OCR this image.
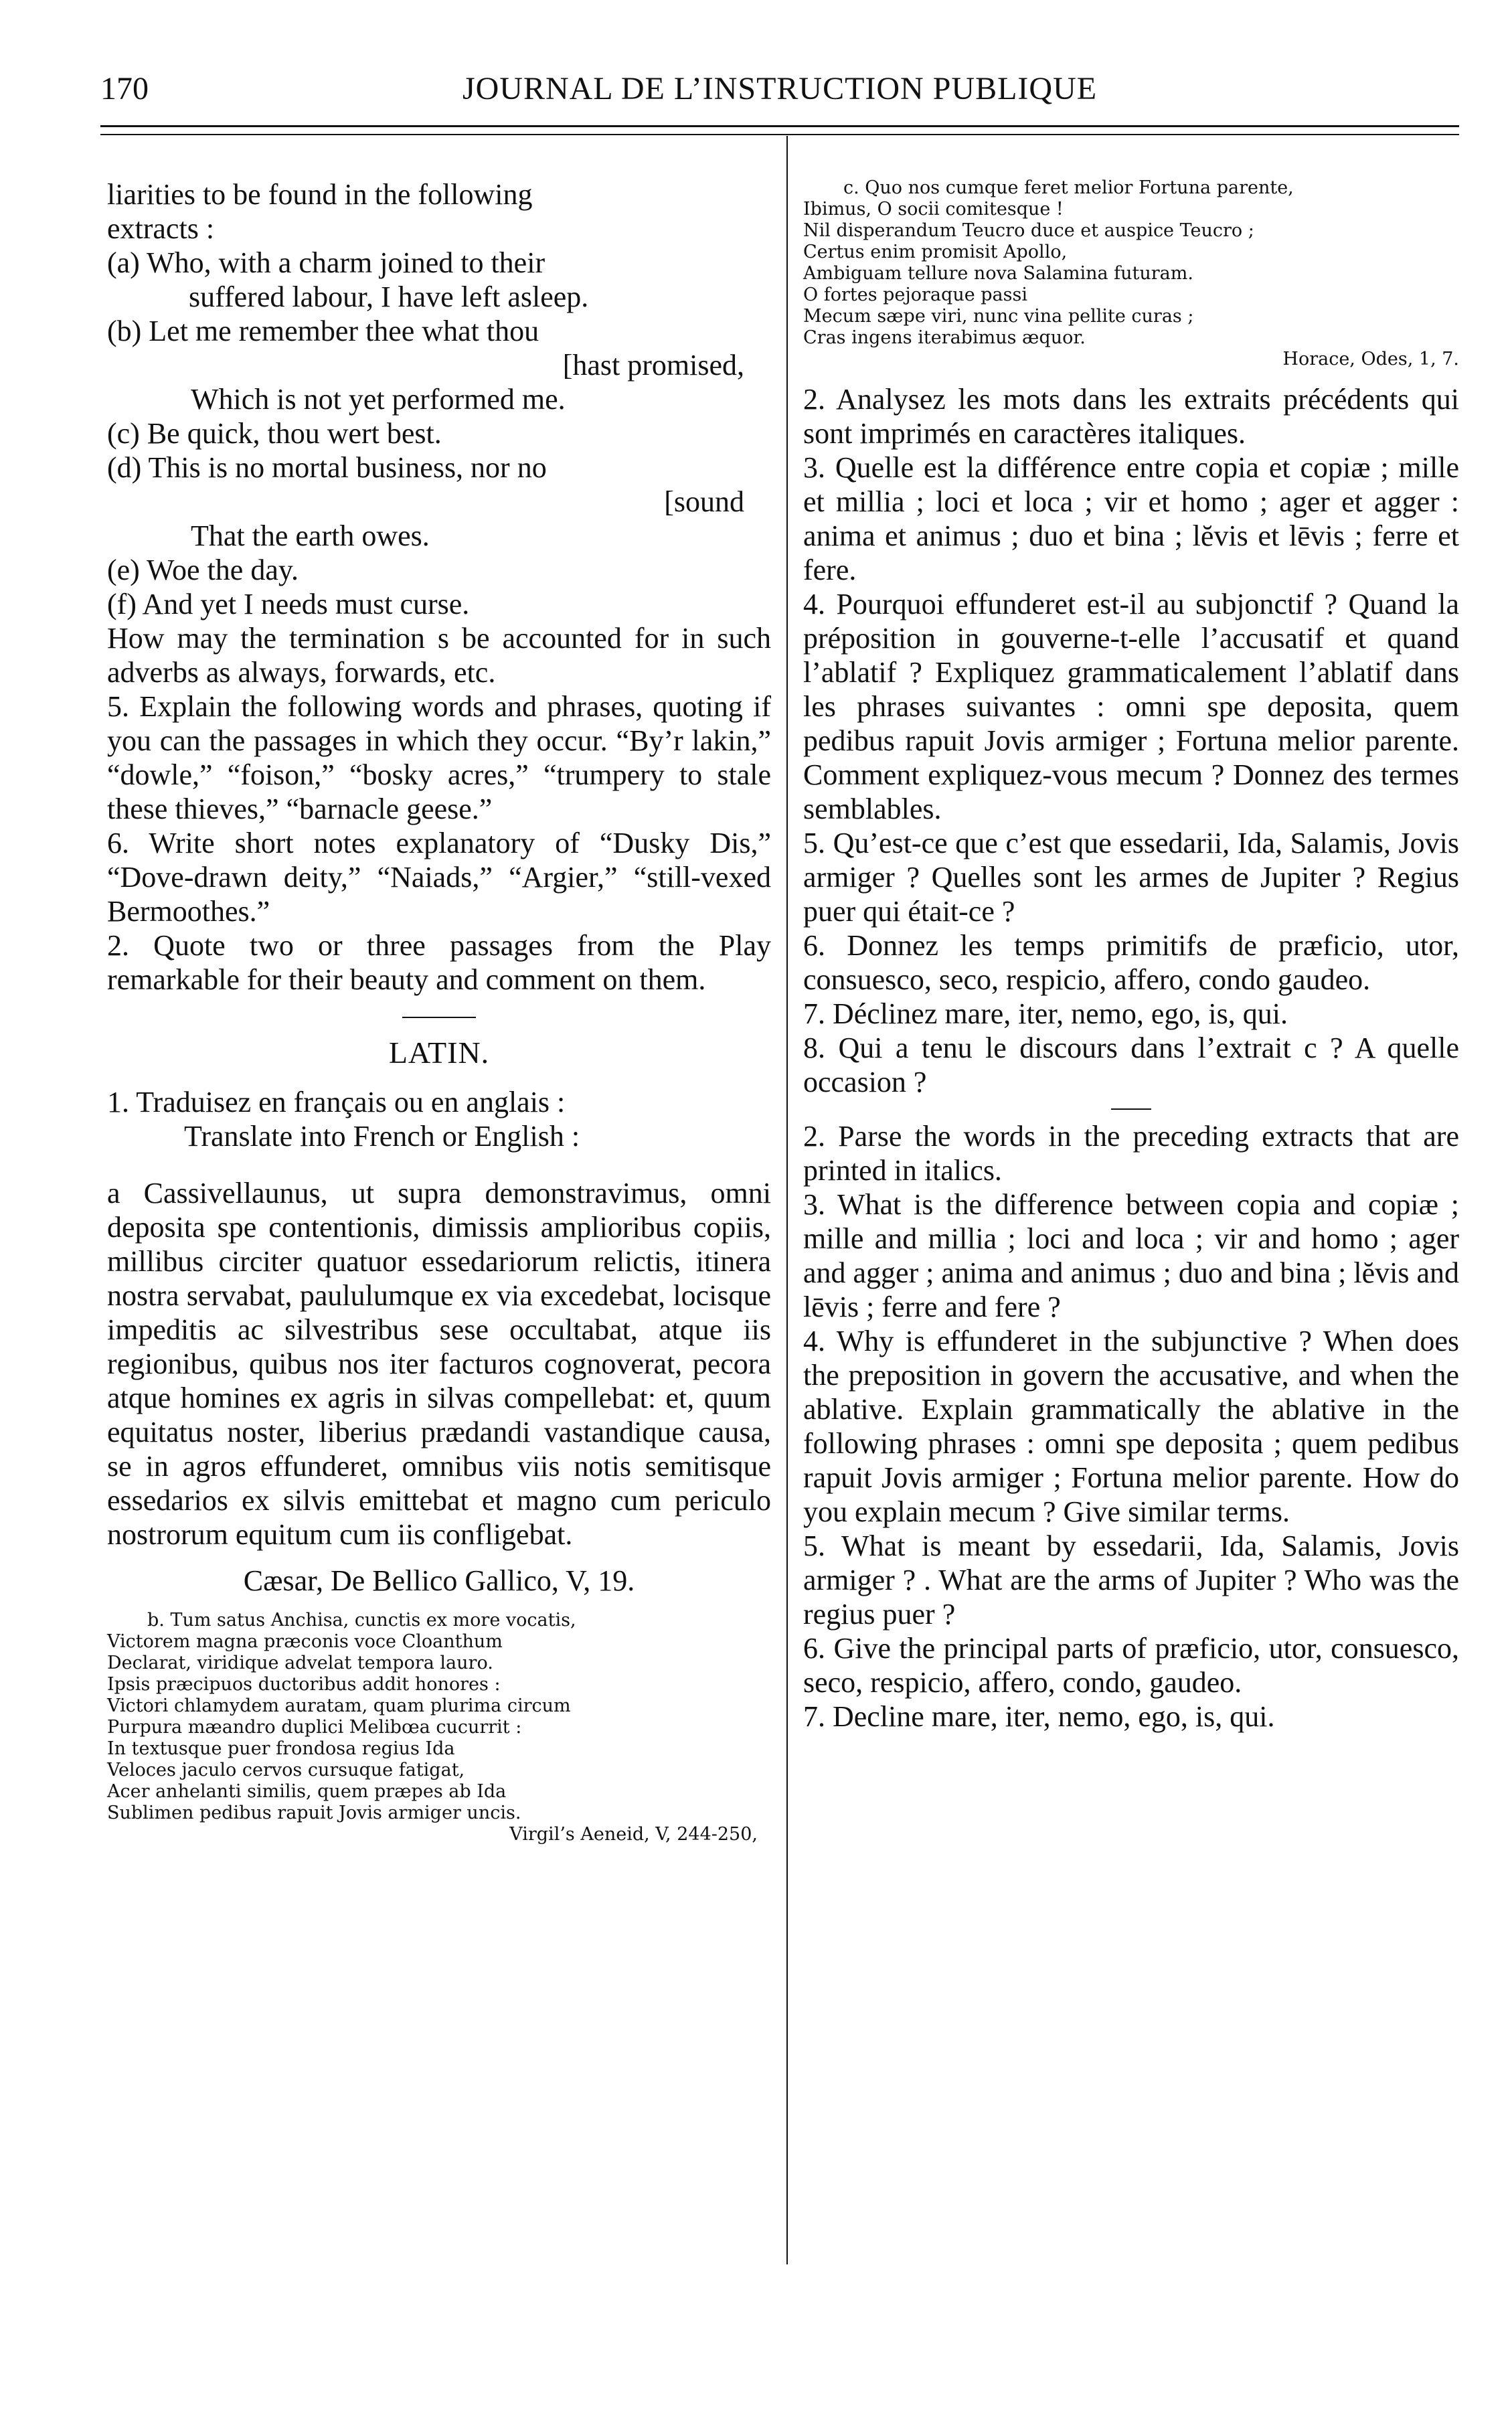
170	JOURNAL DE L’INSTRUCTION PUBLIQUE

liarities to be found in the following

extracts :

(a) Who, with a charm joined to their

suffered labour, I have left asleep.

(b) Let me remember thee what thou

[hast promised,

Which is not yet performed me.

(c) Be quick, thou wert best.

(d) This is no mortal business, nor no

[sound

That the earth owes.

(e) Woe the day.

(f) And yet I needs must curse.

How may the termination s be accounted for in such adverbs as always, forwards, etc.

5. Explain the following words and phrases, quoting if you can the passages in which they occur. “By’r lakin,” “dowle,” “foison,” “bosky acres,” “trumpery to stale these thieves,” “barnacle geese.”

6. Write short notes explanatory of “Dusky Dis,” “Dove-drawn deity,” “Naiads,” “Argier,” “still-vexed Bermoothes.”

2. Quote two or three passages from the Play remarkable for their beauty and comment on them.

LATIN.

1. Traduisez en français ou en anglais :

Translate into French or English :

a Cassivellaunus, ut supra demonstravimus, omni deposita spe contentionis, dimissis amplioribus copiis, millibus circiter quatuor essedariorum relictis, itinera nostra servabat, paululumque ex via excedebat, locisque impeditis ac silvestribus sese occultabat, atque iis regionibus, quibus nos iter facturos cognoverat, pecora atque homines ex agris in silvas compellebat: et, quum equitatus noster, liberius prædandi vastandique causa, se in agros effunderet, omnibus viis notis semitisque essedarios ex silvis emittebat et magno cum periculo nostrorum equitum cum iis confligebat.

Cæsar, De Bellico Gallico, V, 19.

b. Tum satus Anchisa, cunctis ex more vocatis,

Victorem magna præconis voce Cloanthum

Declarat, viridique advelat tempora lauro.

Ipsis præcipuos ductoribus addit honores :

Victori chlamydem auratam, quam plurima circum

Purpura mæandro duplici Melibœa cucurrit :

In textusque puer frondosa regius Ida

Veloces jaculo cervos cursuque fatigat,

Acer anhelanti similis, quem præpes ab Ida

Sublimen pedibus rapuit Jovis armiger uncis.

Virgil’s Aeneid, V, 244-250,

c. Quo nos cumque feret melior Fortuna parente,

Ibimus, O socii comitesque !

Nil disperandum Teucro duce et auspice Teucro ;

Certus enim promisit Apollo,

Ambiguam tellure nova Salamina futuram.

O fortes pejoraque passi

Mecum sæpe viri, nunc vina pellite curas ;

Cras ingens iterabimus æquor.

Horace, Odes, 1, 7.

2. Analysez les mots dans les extraits précédents qui sont imprimés en caractères italiques.

3. Quelle est la différence entre copia et copiæ ; mille et millia ; loci et loca ; vir et homo ; ager et agger : anima et animus ; duo et bina ; lĕvis et lēvis ; ferre et fere.

4. Pourquoi effunderet est-il au subjonctif ? Quand la préposition in gouverne-t-elle l’accusatif et quand l’ablatif ? Expliquez grammaticalement l’ablatif dans les phrases suivantes : omni spe deposita, quem pedibus rapuit Jovis armiger ; Fortuna melior parente. Comment expliquez-vous mecum ? Donnez des termes semblables.

5. Qu’est-ce que c’est que essedarii, Ida, Salamis, Jovis armiger ? Quelles sont les armes de Jupiter ? Regius puer qui était-ce ?

6. Donnez les temps primitifs de præficio, utor, consuesco, seco, respicio, affero, condo gaudeo.

7. Déclinez mare, iter, nemo, ego, is, qui.

8. Qui a tenu le discours dans l’extrait c ? A quelle occasion ?

2. Parse the words in the preceding extracts that are printed in italics.

3. What is the difference between copia and copiæ ; mille and millia ; loci and loca ; vir and homo ; ager and agger ; anima and animus ; duo and bina ; lĕvis and lēvis ; ferre and fere ?

4. Why is effunderet in the subjunctive ? When does the preposition in govern the accusative, and when the ablative. Explain grammatically the ablative in the following phrases : omni spe deposita ; quem pedibus rapuit Jovis armiger ; Fortuna melior parente. How do you explain mecum ? Give similar terms.

5. What is meant by essedarii, Ida, Salamis, Jovis armiger ? . What are the arms of Jupiter ? Who was the regius puer ?

6. Give the principal parts of præficio, utor, consuesco, seco, respicio, affero, condo, gaudeo.

7. Decline mare, iter, nemo, ego, is, qui.
